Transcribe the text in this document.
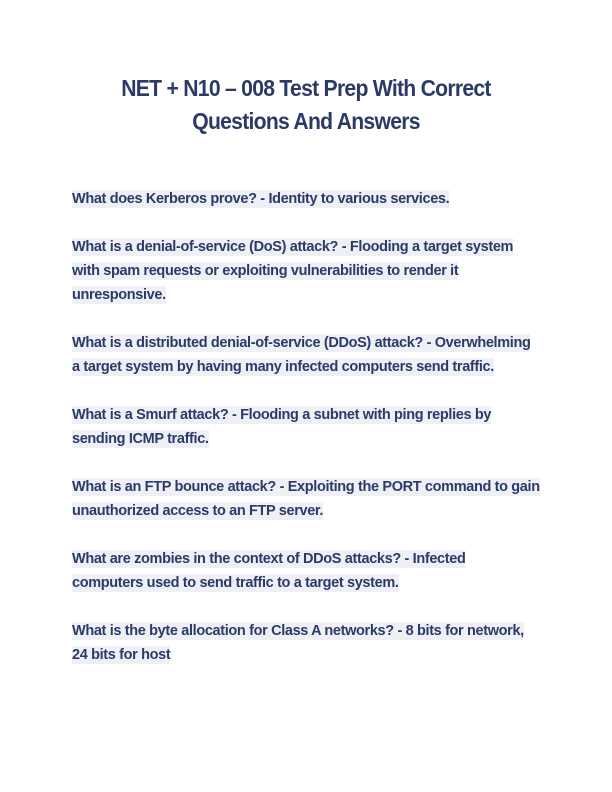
NET + N10 – 008 Test Prep With Correct
Questions And Answers

What does Kerberos prove? - Identity to various services.

What is a denial-of-service (DoS) attack? - Flooding a target system with spam requests or exploiting vulnerabilities to render it unresponsive.

What is a distributed denial-of-service (DDoS) attack? - Overwhelming a target system by having many infected computers send traffic.

What is a Smurf attack? - Flooding a subnet with ping replies by sending ICMP traffic.

What is an FTP bounce attack? - Exploiting the PORT command to gain unauthorized access to an FTP server.

What are zombies in the context of DDoS attacks? - Infected computers used to send traffic to a target system.

What is the byte allocation for Class A networks? - 8 bits for network, 24 bits for host
